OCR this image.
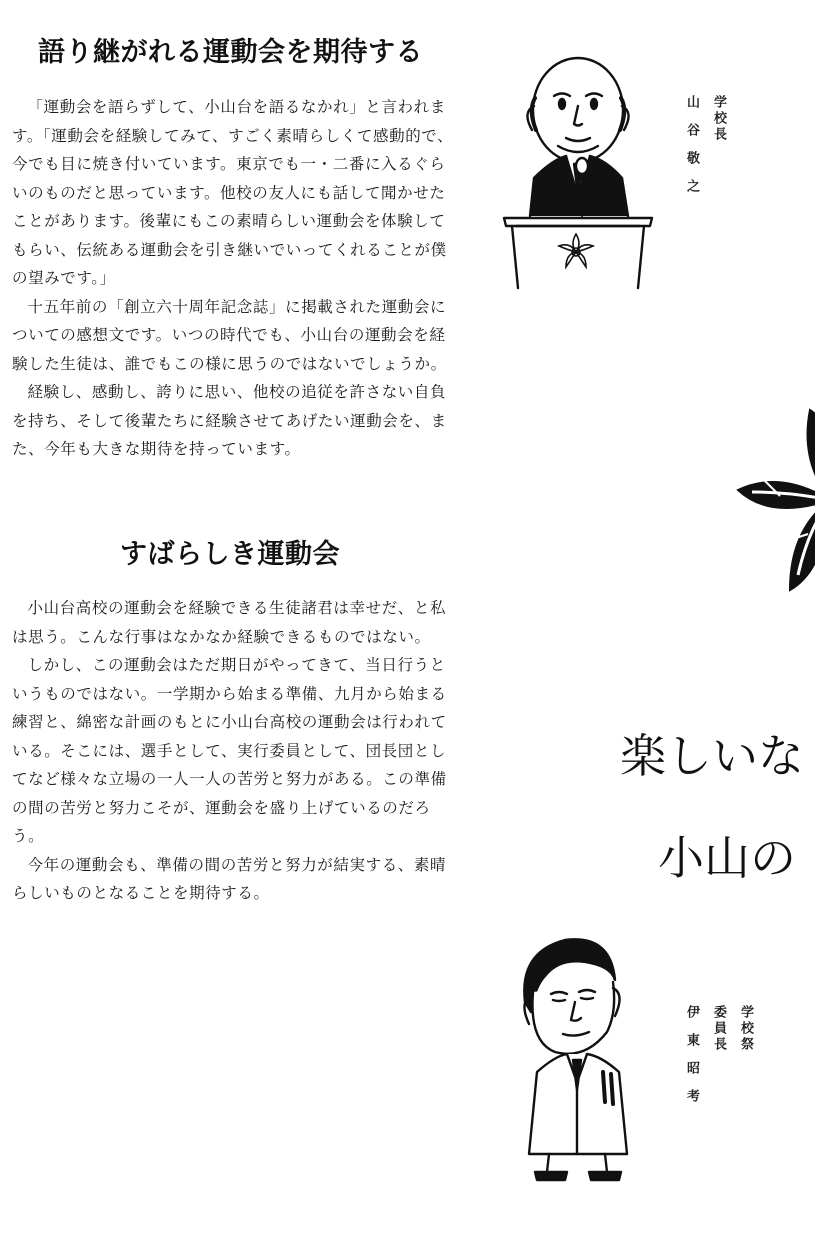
語り継がれる運動会を期待する

「運動会を語らずして、小山台を語るなかれ」と言われます。「運動会を経験してみて、すごく素晴らしくて感動的で、今でも目に焼き付いています。東京でも一・二番に入るぐらいのものだと思っています。他校の友人にも話して聞かせたことがあります。後輩にもこの素晴らしい運動会を体験してもらい、伝統ある運動会を引き継いでいってくれることが僕の望みです。」

十五年前の「創立六十周年記念誌」に掲載された運動会についての感想文です。いつの時代でも、小山台の運動会を経験した生徒は、誰でもこの様に思うのではないでしょうか。

経験し、感動し、誇りに思い、他校の追従を許さない自負を持ち、そして後輩たちに経験させてあげたい運動会を、また、今年も大きな期待を持っています。

すばらしき運動会

小山台高校の運動会を経験できる生徒諸君は幸せだ、と私は思う。こんな行事はなかなか経験できるものではない。

しかし、この運動会はただ期日がやってきて、当日行うというものではない。一学期から始まる準備、九月から始まる練習と、綿密な計画のもとに小山台高校の運動会は行われている。そこには、選手として、実行委員として、団長団としてなど様々な立場の一人一人の苦労と努力がある。この準備の間の苦労と努力こそが、運動会を盛り上げているのだろう。

今年の運動会も、準備の間の苦労と努力が結実する、素晴らしいものとなることを期待する。

学校長
山谷敬之
楽しいな
小山の
学校祭
委員長
伊東昭考
